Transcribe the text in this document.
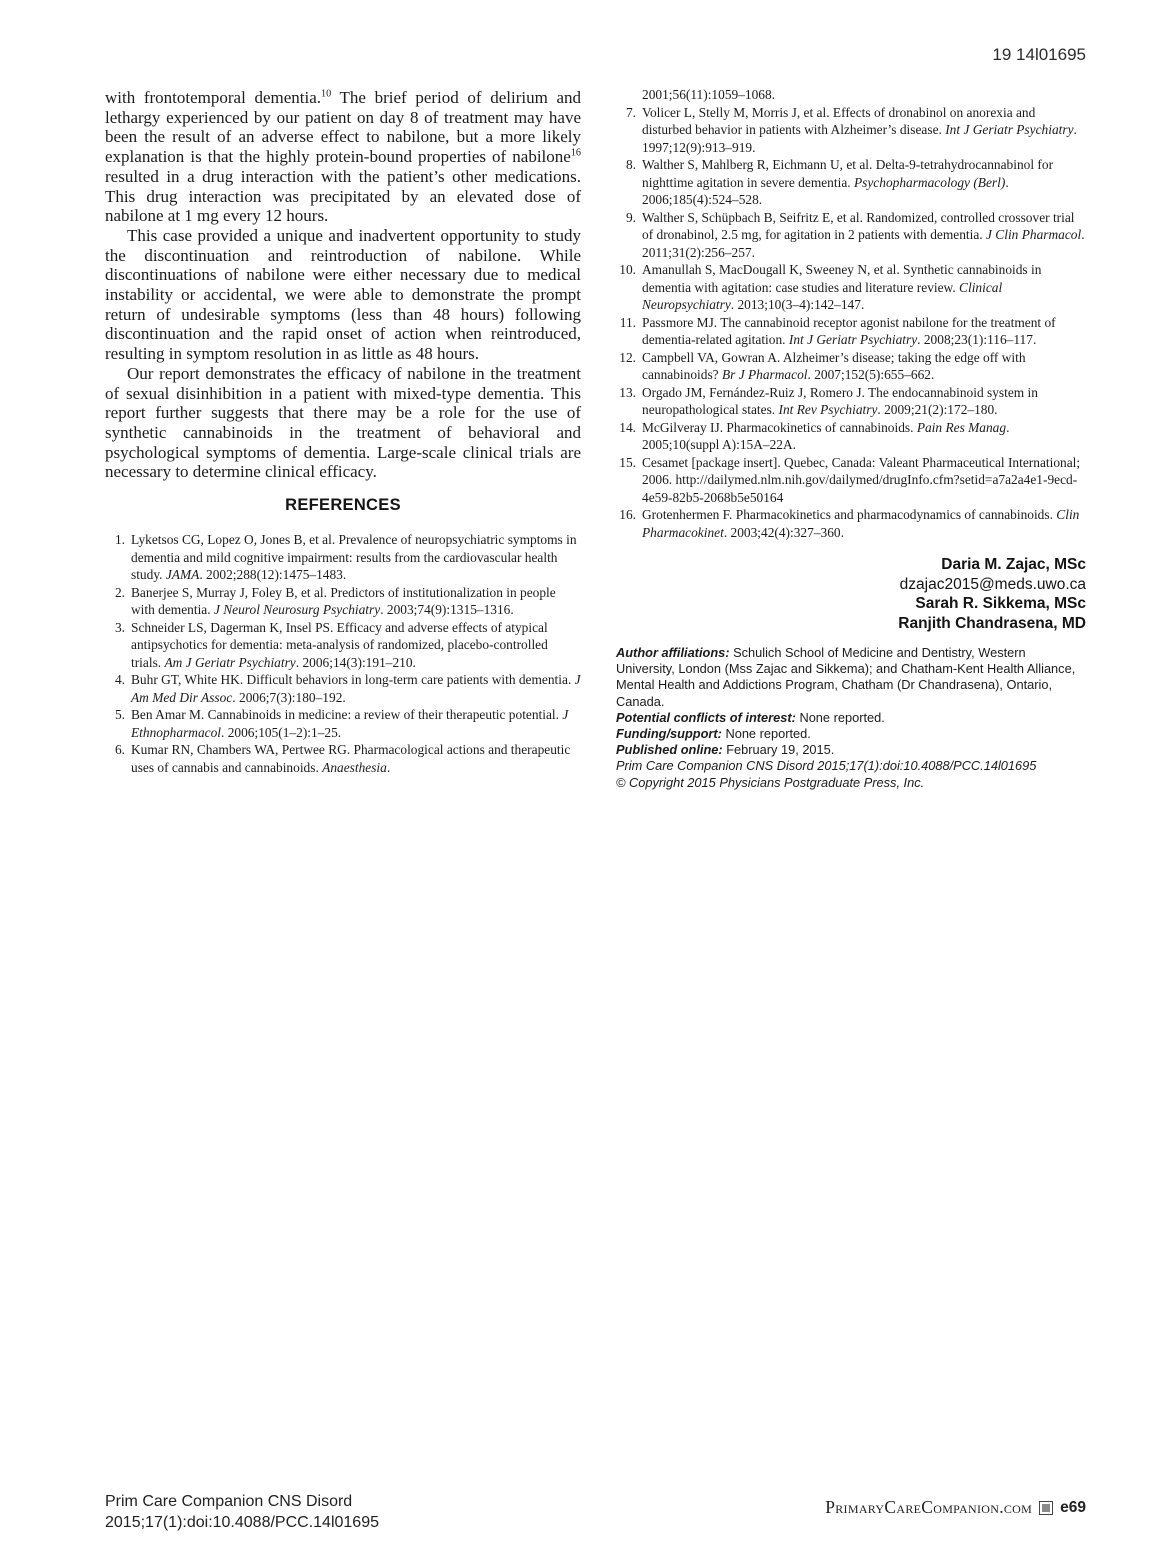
19 14l01695

with frontotemporal dementia.$^{10}$ The brief period of delirium and lethargy experienced by our patient on day 8 of treatment may have been the result of an adverse effect to nabilone, but a more likely explanation is that the highly protein-bound properties of nabilone$^{16}$ resulted in a drug interaction with the patient’s other medications. This drug interaction was precipitated by an elevated dose of nabilone at 1 mg every 12 hours.

This case provided a unique and inadvertent opportunity to study the discontinuation and reintroduction of nabilone. While discontinuations of nabilone were either necessary due to medical instability or accidental, we were able to demonstrate the prompt return of undesirable symptoms (less than 48 hours) following discontinuation and the rapid onset of action when reintroduced, resulting in symptom resolution in as little as 48 hours.

Our report demonstrates the efficacy of nabilone in the treatment of sexual disinhibition in a patient with mixed-type dementia. This report further suggests that there may be a role for the use of synthetic cannabinoids in the treatment of behavioral and psychological symptoms of dementia. Large-scale clinical trials are necessary to determine clinical efficacy.

REFERENCES
1. Lyketsos CG, Lopez O, Jones B, et al. Prevalence of neuropsychiatric symptoms in dementia and mild cognitive impairment: results from the cardiovascular health study. JAMA. 2002;288(12):1475–1483.
2. Banerjee S, Murray J, Foley B, et al. Predictors of institutionalization in people with dementia. J Neurol Neurosurg Psychiatry. 2003;74(9):1315–1316.
3. Schneider LS, Dagerman K, Insel PS. Efficacy and adverse effects of atypical antipsychotics for dementia: meta-analysis of randomized, placebo-controlled trials. Am J Geriatr Psychiatry. 2006;14(3):191–210.
4. Buhr GT, White HK. Difficult behaviors in long-term care patients with dementia. J Am Med Dir Assoc. 2006;7(3):180–192.
5. Ben Amar M. Cannabinoids in medicine: a review of their therapeutic potential. J Ethnopharmacol. 2006;105(1–2):1–25.
6. Kumar RN, Chambers WA, Pertwee RG. Pharmacological actions and therapeutic uses of cannabis and cannabinoids. Anaesthesia.
2001;56(11):1059–1068.
7. Volicer L, Stelly M, Morris J, et al. Effects of dronabinol on anorexia and disturbed behavior in patients with Alzheimer’s disease. Int J Geriatr Psychiatry. 1997;12(9):913–919.
8. Walther S, Mahlberg R, Eichmann U, et al. Delta-9-tetrahydrocannabinol for nighttime agitation in severe dementia. Psychopharmacology (Berl). 2006;185(4):524–528.
9. Walther S, Schüpbach B, Seifritz E, et al. Randomized, controlled crossover trial of dronabinol, 2.5 mg, for agitation in 2 patients with dementia. J Clin Pharmacol. 2011;31(2):256–257.
10. Amanullah S, MacDougall K, Sweeney N, et al. Synthetic cannabinoids in dementia with agitation: case studies and literature review. Clinical Neuropsychiatry. 2013;10(3–4):142–147.
11. Passmore MJ. The cannabinoid receptor agonist nabilone for the treatment of dementia-related agitation. Int J Geriatr Psychiatry. 2008;23(1):116–117.
12. Campbell VA, Gowran A. Alzheimer’s disease; taking the edge off with cannabinoids? Br J Pharmacol. 2007;152(5):655–662.
13. Orgado JM, Fernández-Ruiz J, Romero J. The endocannabinoid system in neuropathological states. Int Rev Psychiatry. 2009;21(2):172–180.
14. McGilveray IJ. Pharmacokinetics of cannabinoids. Pain Res Manag. 2005;10(suppl A):15A–22A.
15. Cesamet [package insert]. Quebec, Canada: Valeant Pharmaceutical International; 2006. http://dailymed.nlm.nih.gov/dailymed/drugInfo.cfm?setid=a7a2a4e1-9ecd-4e59-82b5-2068b5e50164
16. Grotenhermen F. Pharmacokinetics and pharmacodynamics of cannabinoids. Clin Pharmacokinet. 2003;42(4):327–360.
Daria M. Zajac, MSc
dzajac2015@meds.uwo.ca
Sarah R. Sikkema, MSc
Ranjith Chandrasena, MD

Author affiliations: Schulich School of Medicine and Dentistry, Western University, London (Mss Zajac and Sikkema); and Chatham-Kent Health Alliance, Mental Health and Addictions Program, Chatham (Dr Chandrasena), Ontario, Canada.

Potential conflicts of interest: None reported.

Funding/support: None reported.

Published online: February 19, 2015.

Prim Care Companion CNS Disord 2015;17(1):doi:10.4088/PCC.14l01695

© Copyright 2015 Physicians Postgraduate Press, Inc.

Prim Care Companion CNS Disord
2015;17(1):doi:10.4088/PCC.14l01695
PrimaryCareCompanion.com e69
